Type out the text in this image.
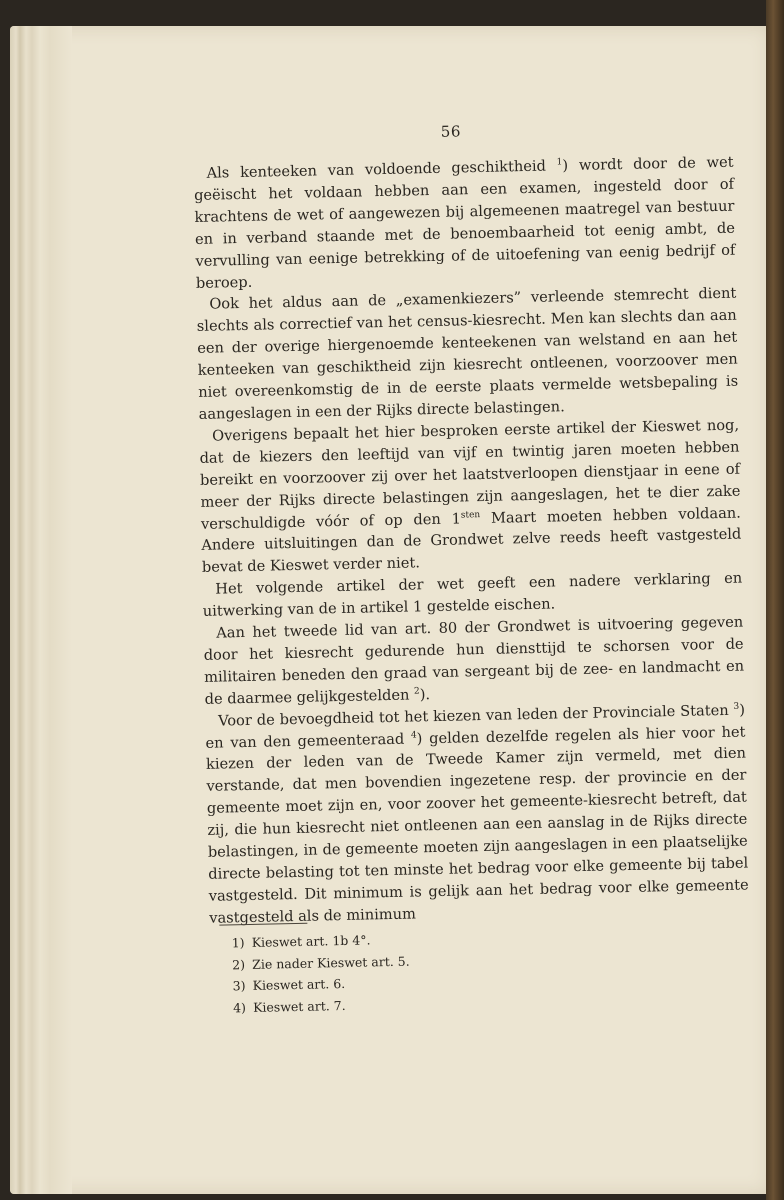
56

Als kenteeken van voldoende geschiktheid $^1$) wordt door de wet geëischt het voldaan hebben aan een examen, ingesteld door of krachtens de wet of aangewezen bij algemeenen maatregel van bestuur en in verband staande met de benoembaarheid tot eenig ambt, de vervulling van eenige betrekking of de uitoefening van eenig bedrijf of beroep.

Ook het aldus aan de „examenkiezers” verleende stemrecht dient slechts als correctief van het census-kiesrecht. Men kan slechts dan aan een der overige hiergenoemde kenteekenen van welstand en aan het kenteeken van geschiktheid zijn kiesrecht ontleenen, voorzoover men niet overeenkomstig de in de eerste plaats vermelde wetsbepaling is aangeslagen in een der Rijks directe belastingen.

Overigens bepaalt het hier besproken eerste artikel der Kieswet nog, dat de kiezers den leeftijd van vijf en twintig jaren moeten hebben bereikt en voorzoover zij over het laatstverloopen dienstjaar in eene of meer der Rijks directe belastingen zijn aangeslagen, het te dier zake verschuldigde vóór of op den $1^{sten}$ Maart moeten hebben voldaan. Andere uitsluitingen dan de Grondwet zelve reeds heeft vastgesteld bevat de Kieswet verder niet.

Het volgende artikel der wet geeft een nadere verklaring en uitwerking van de in artikel 1 gestelde eischen.

Aan het tweede lid van art. 80 der Grondwet is uitvoering gegeven door het kiesrecht gedurende hun diensttijd te schorsen voor de militairen beneden den graad van sergeant bij de zee- en landmacht en de daarmee gelijkgestelden $^2$).

Voor de bevoegdheid tot het kiezen van leden der Provinciale Staten $^3$) en van den gemeenteraad $^4$) gelden dezelfde regelen als hier voor het kiezen der leden van de Tweede Kamer zijn vermeld, met dien verstande, dat men bovendien ingezetene resp. der provincie en der gemeente moet zijn en, voor zoover het gemeente-kiesrecht betreft, dat zij, die hun kiesrecht niet ontleenen aan een aanslag in de Rijks directe belastingen, in de gemeente moeten zijn aangeslagen in een plaatselijke directe belasting tot ten minste het bedrag voor elke gemeente bij tabel vastgesteld. Dit minimum is gelijk aan het bedrag voor elke gemeente vastgesteld als de minimum

1) Kieswet art. 1b 4°.
2) Zie nader Kieswet art. 5.
3) Kieswet art. 6.
4) Kieswet art. 7.
